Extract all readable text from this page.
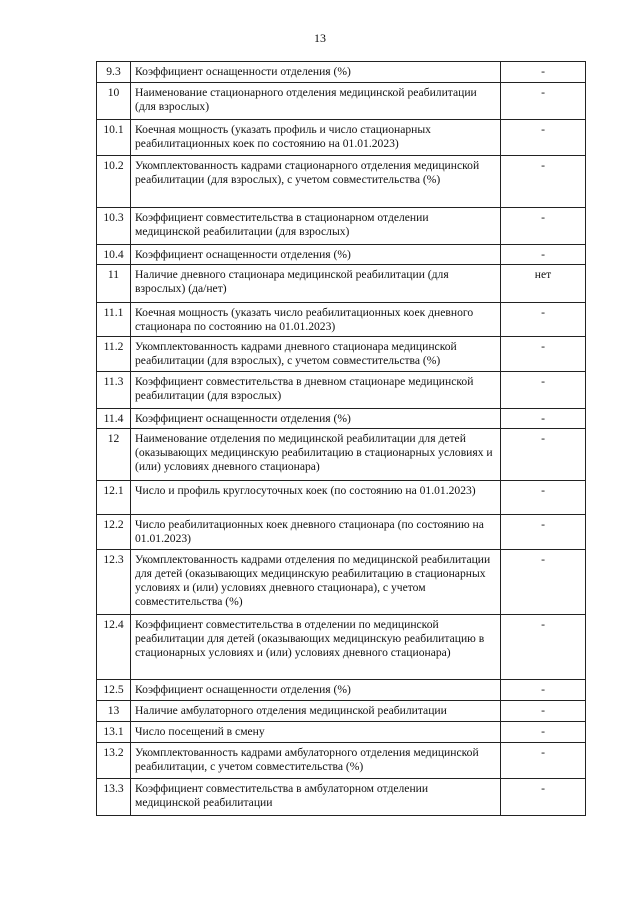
13
9.3	Коэффициент оснащенности отделения (%)	-
10	Наименование стационарного отделения медицинской реабилитации (для взрослых)	-
10.1	Коечная мощность (указать профиль и число стационарных реабилитационных коек по состоянию на 01.01.2023)	-
10.2	Укомплектованность кадрами стационарного отделения медицинской реабилитации (для взрослых), с учетом совместительства (%)	-
10.3	Коэффициент совместительства в стационарном отделении медицинской реабилитации (для взрослых)	-
10.4	Коэффициент оснащенности отделения (%)	-
11	Наличие дневного стационара медицинской реабилитации (для взрослых) (да/нет)	нет
11.1	Коечная мощность (указать число реабилитационных коек дневного стационара по состоянию на 01.01.2023)	-
11.2	Укомплектованность кадрами дневного стационара медицинской реабилитации (для взрослых), с учетом совместительства (%)	-
11.3	Коэффициент совместительства в дневном стационаре медицинской реабилитации (для взрослых)	-
11.4	Коэффициент оснащенности отделения (%)	-
12	Наименование отделения по медицинской реабилитации для детей (оказывающих медицинскую реабилитацию в стационарных условиях и (или) условиях дневного стационара)	-
12.1	Число и профиль круглосуточных коек (по состоянию на 01.01.2023)	-
12.2	Число реабилитационных коек дневного стационара (по состоянию на 01.01.2023)	-
12.3	Укомплектованность кадрами отделения по медицинской реабилитации для детей (оказывающих медицинскую реабилитацию в стационарных условиях и (или) условиях дневного стационара), с учетом совместительства (%)	-
12.4	Коэффициент совместительства в отделении по медицинской реабилитации для детей (оказывающих медицинскую реабилитацию в стационарных условиях и (или) условиях дневного стационара)	-
12.5	Коэффициент оснащенности отделения (%)	-
13	Наличие амбулаторного отделения медицинской реабилитации	-
13.1	Число посещений в смену	-
13.2	Укомплектованность кадрами амбулаторного отделения медицинской реабилитации, с учетом совместительства (%)	-
13.3	Коэффициент совместительства в амбулаторном отделении медицинской реабилитации	-
